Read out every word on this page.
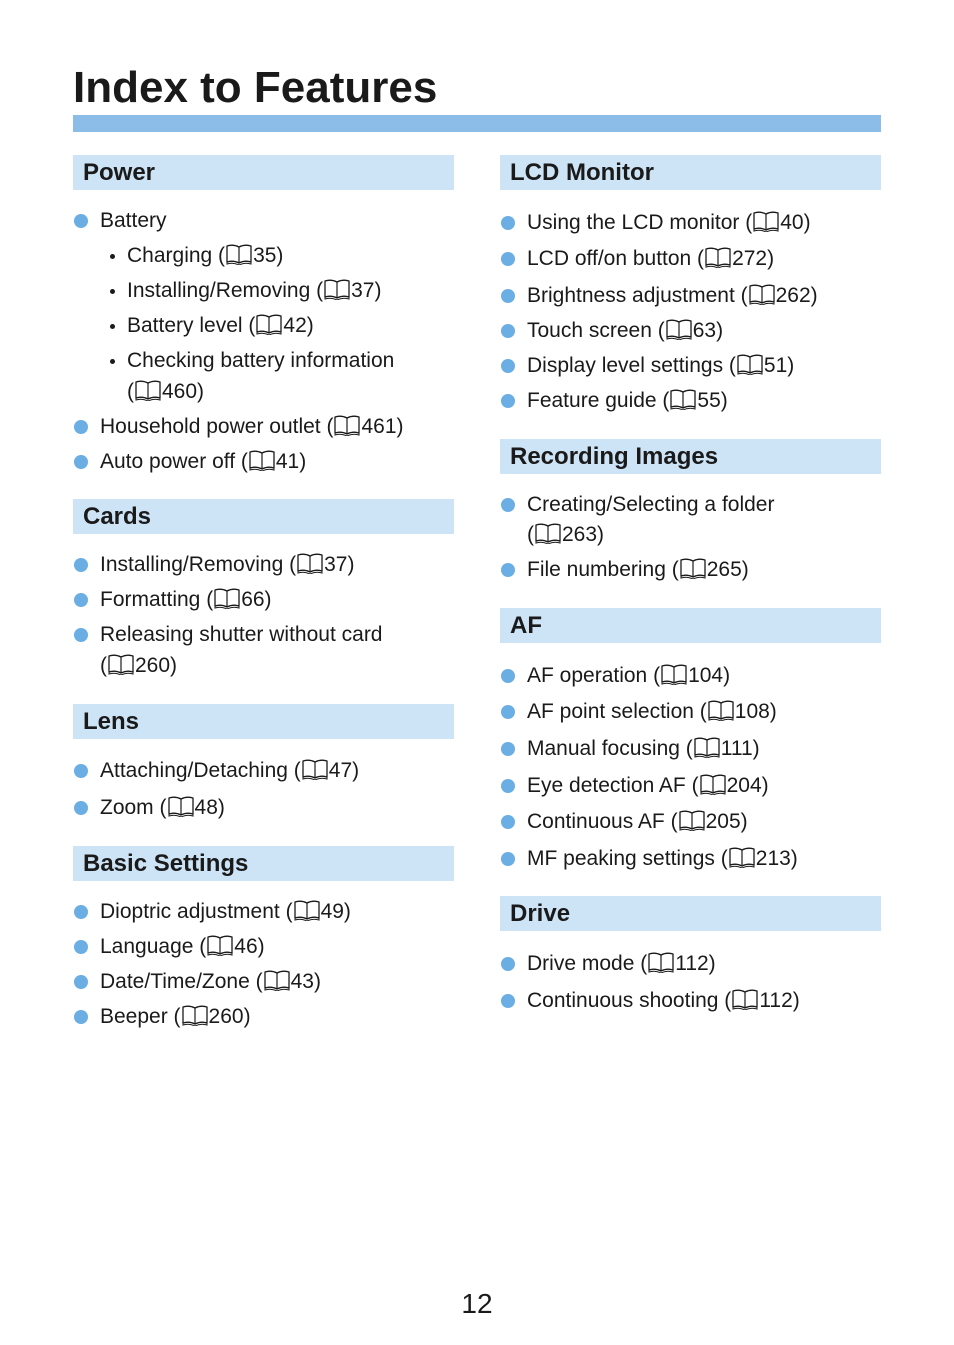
Index to Features
Power
Battery
Charging ( 35)
Installing/Removing ( 37)
Battery level ( 42)
Checking battery information
( 460)
Household power outlet ( 461)
Auto power off ( 41)
Cards
Installing/Removing ( 37)
Formatting ( 66)
Releasing shutter without card
( 260)
Lens
Attaching/Detaching ( 47)
Zoom ( 48)
Basic Settings
Dioptric adjustment ( 49)
Language ( 46)
Date/Time/Zone ( 43)
Beeper ( 260)
LCD Monitor
Using the LCD monitor ( 40)
LCD off/on button ( 272)
Brightness adjustment ( 262)
Touch screen ( 63)
Display level settings ( 51)
Feature guide ( 55)
Recording Images
Creating/Selecting a folder
( 263)
File numbering ( 265)
AF
AF operation ( 104)
AF point selection ( 108)
Manual focusing ( 111)
Eye detection AF ( 204)
Continuous AF ( 205)
MF peaking settings ( 213)
Drive
Drive mode ( 112)
Continuous shooting ( 112)
12
